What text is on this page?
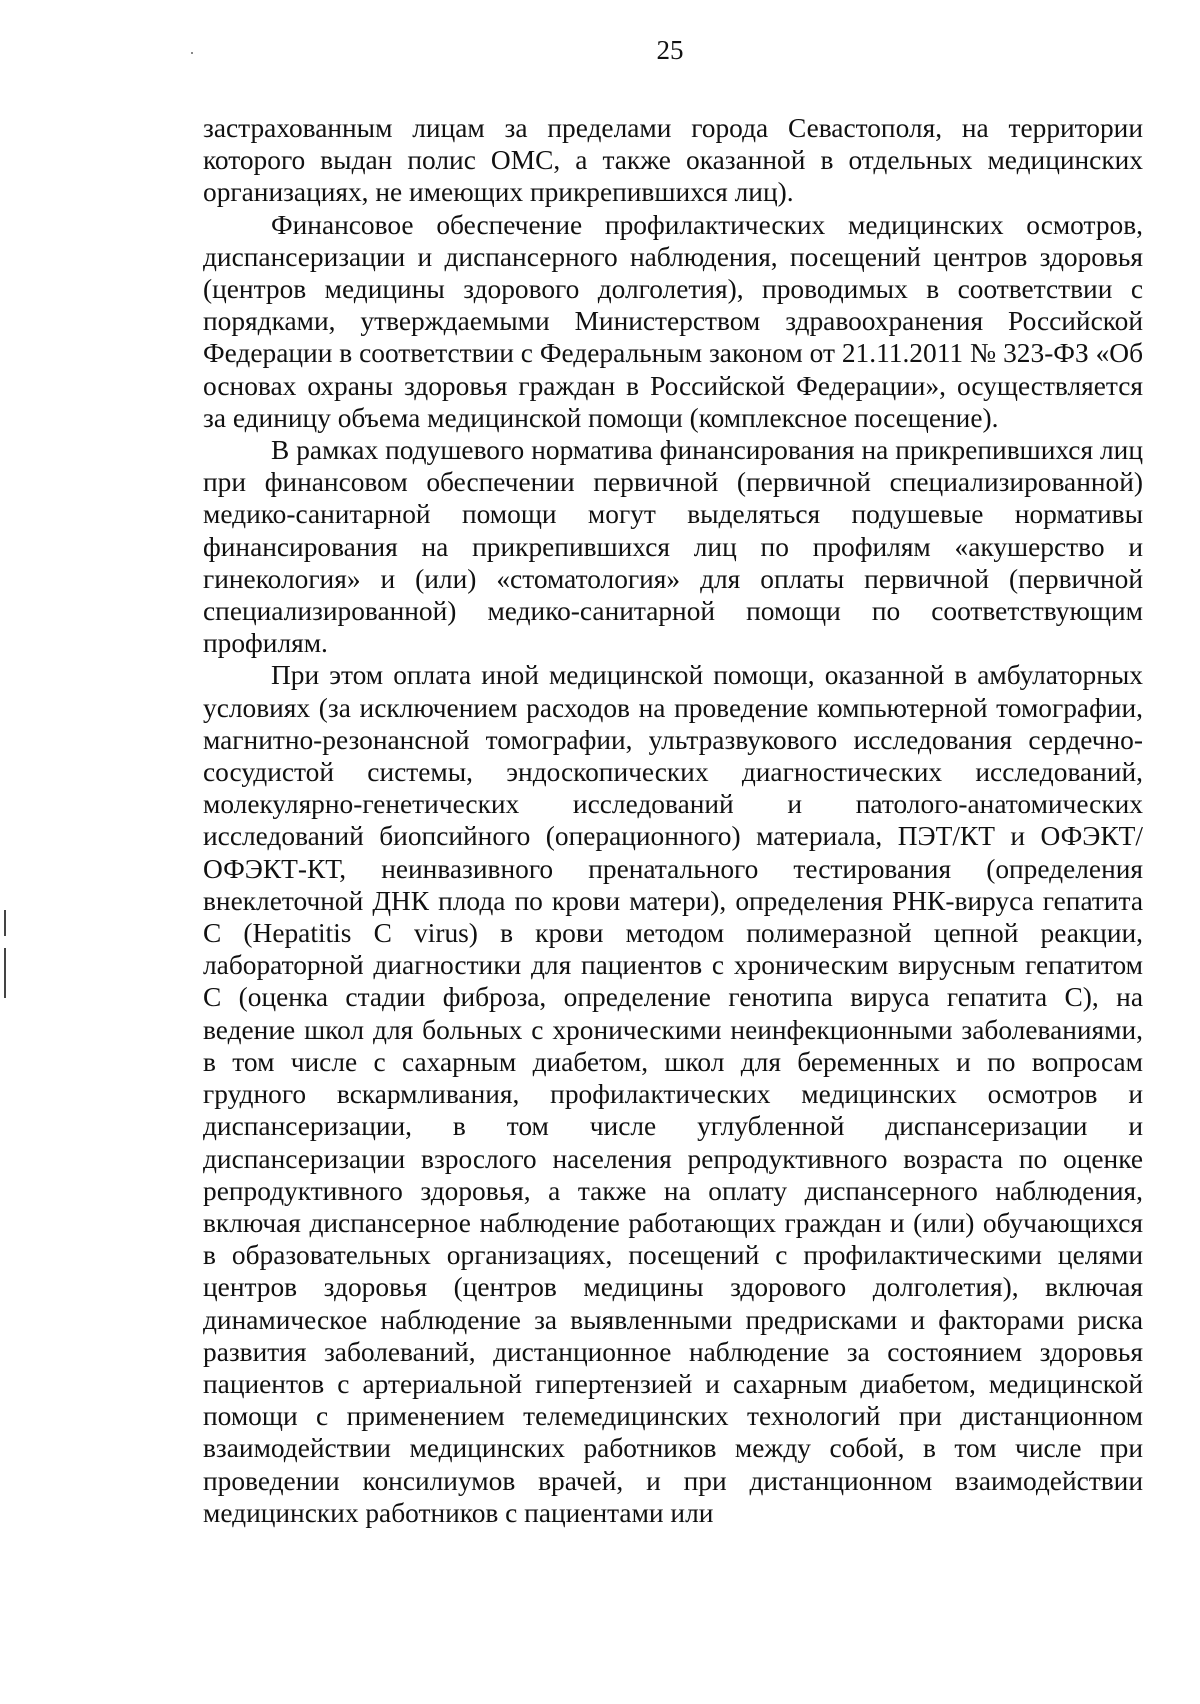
25

застрахованным лицам за пределами города Севастополя, на территории которого выдан полис ОМС, а также оказанной в отдельных медицинских организациях, не имеющих прикрепившихся лиц).

Финансовое обеспечение профилактических медицинских осмотров, диспансеризации и диспансерного наблюдения, посещений центров здоровья (центров медицины здорового долголетия), проводимых в соответствии с порядками, утверждаемыми Министерством здравоохранения Российской Федерации в соответствии с Федеральным законом от 21.11.2011 № 323-ФЗ «Об основах охраны здоровья граждан в Российской Федерации», осуществляется за единицу объема медицинской помощи (комплексное посещение).

В рамках подушевого норматива финансирования на прикрепившихся лиц при финансовом обеспечении первичной (первичной специализированной) медико-санитарной помощи могут выделяться подушевые нормативы финансирования на прикрепившихся лиц по профилям «акушерство и гинекология» и (или) «стоматология» для оплаты первичной (первичной специализированной) медико-санитарной помощи по соответствующим профилям.

При этом оплата иной медицинской помощи, оказанной в амбулаторных условиях (за исключением расходов на проведение компьютерной томографии, магнитно-резонансной томографии, ультразвукового исследования сердечно-сосудистой системы, эндоскопических диагностических исследований, молекулярно-генетических исследований и патолого-анатомических исследований биопсийного (операционного) материала, ПЭТ/КТ и ОФЭКТ/ОФЭКТ-КТ, неинвазивного пренатального тестирования (определения внеклеточной ДНК плода по крови матери), определения РНК-вируса гепатита С (Hepatitis C virus) в крови методом полимеразной цепной реакции, лабораторной диагностики для пациентов с хроническим вирусным гепатитом С (оценка стадии фиброза, определение генотипа вируса гепатита С), на ведение школ для больных с хроническими неинфекционными заболеваниями, в том числе с сахарным диабетом, школ для беременных и по вопросам грудного вскармливания, профилактических медицинских осмотров и диспансеризации, в том числе углубленной диспансеризации и диспансеризации взрослого населения репродуктивного возраста по оценке репродуктивного здоровья, а также на оплату диспансерного наблюдения, включая диспансерное наблюдение работающих граждан и (или) обучающихся в образовательных организациях, посещений с профилактическими целями центров здоровья (центров медицины здорового долголетия), включая динамическое наблюдение за выявленными предрисками и факторами риска развития заболеваний, дистанционное наблюдение за состоянием здоровья пациентов с артериальной гипертензией и сахарным диабетом, медицинской помощи с применением телемедицинских технологий при дистанционном взаимодействии медицинских работников между собой, в том числе при проведении консилиумов врачей, и при дистанционном взаимодействии медицинских работников с пациентами или
